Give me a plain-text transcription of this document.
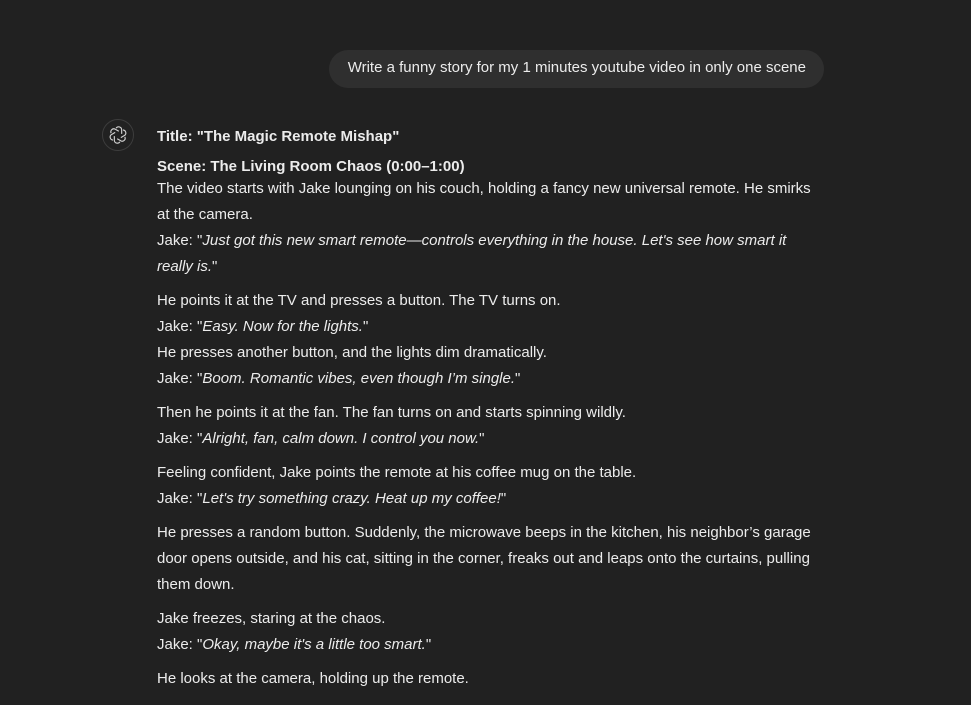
Write a funny story for my 1 minutes youtube video in only one scene

Title: "The Magic Remote Mishap"

Scene: The Living Room Chaos (0:00–1:00)

The video starts with Jake lounging on his couch, holding a fancy new universal remote. He smirks at the camera.
Jake: "Just got this new smart remote—controls everything in the house. Let's see how smart it really is."
He points it at the TV and presses a button. The TV turns on.
Jake: "Easy. Now for the lights."
He presses another button, and the lights dim dramatically.
Jake: "Boom. Romantic vibes, even though I’m single."
Then he points it at the fan. The fan turns on and starts spinning wildly.
Jake: "Alright, fan, calm down. I control you now."
Feeling confident, Jake points the remote at his coffee mug on the table.
Jake: "Let's try something crazy. Heat up my coffee!"
He presses a random button. Suddenly, the microwave beeps in the kitchen, his neighbor’s garage door opens outside, and his cat, sitting in the corner, freaks out and leaps onto the curtains, pulling them down.
Jake freezes, staring at the chaos.
Jake: "Okay, maybe it's a little too smart."
He looks at the camera, holding up the remote.
